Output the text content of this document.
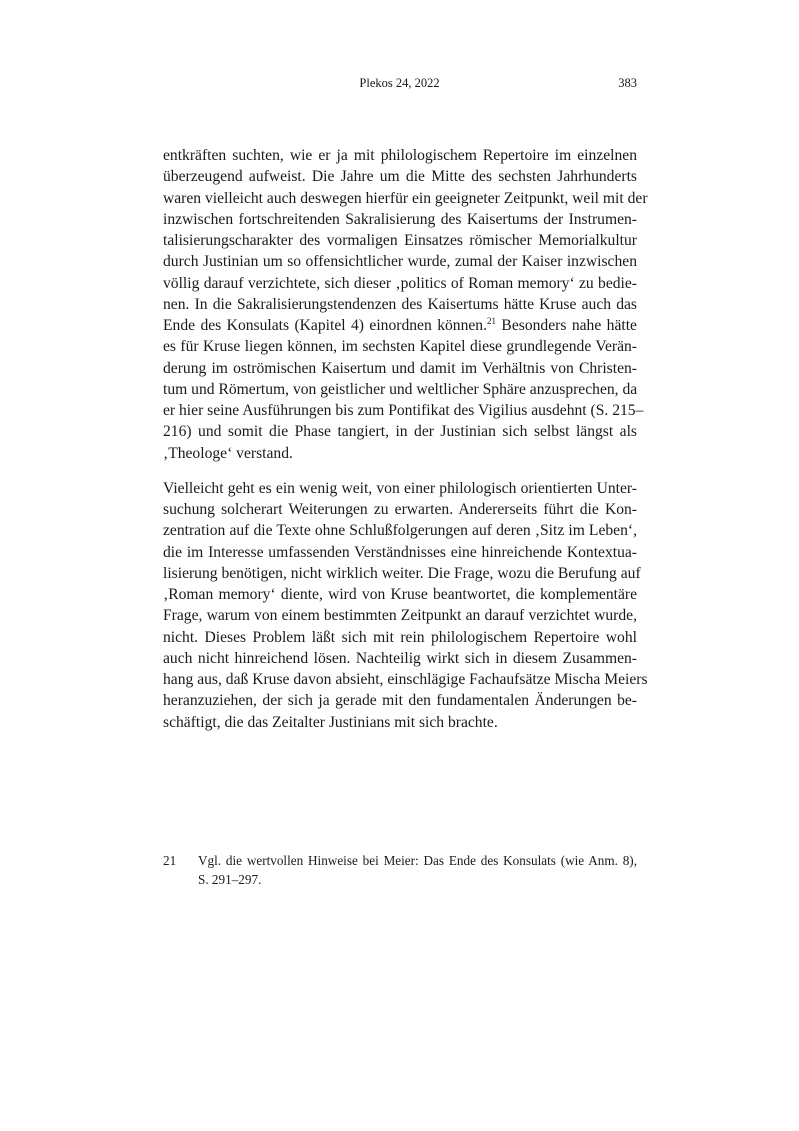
Plekos 24, 2022	383
entkräften suchten, wie er ja mit philologischem Repertoire im einzelnen
überzeugend aufweist. Die Jahre um die Mitte des sechsten Jahrhunderts
waren vielleicht auch deswegen hierfür ein geeigneter Zeitpunkt, weil mit der
inzwischen fortschreitenden Sakralisierung des Kaisertums der Instrumen-
talisierungscharakter des vormaligen Einsatzes römischer Memorialkultur
durch Justinian um so offensichtlicher wurde, zumal der Kaiser inzwischen
völlig darauf verzichtete, sich dieser ‚politics of Roman memory‘ zu bedie-
nen. In die Sakralisierungstendenzen des Kaisertums hätte Kruse auch das
Ende des Konsulats (Kapitel 4) einordnen können.$^{21}$ Besonders nahe hätte
es für Kruse liegen können, im sechsten Kapitel diese grundlegende Verän-
derung im oströmischen Kaisertum und damit im Verhältnis von Christen-
tum und Römertum, von geistlicher und weltlicher Sphäre anzusprechen, da
er hier seine Ausführungen bis zum Pontifikat des Vigilius ausdehnt (S. 215–
216) und somit die Phase tangiert, in der Justinian sich selbst längst als
‚Theologe‘ verstand.
Vielleicht geht es ein wenig weit, von einer philologisch orientierten Unter-
suchung solcherart Weiterungen zu erwarten. Andererseits führt die Kon-
zentration auf die Texte ohne Schlußfolgerungen auf deren ‚Sitz im Leben‘,
die im Interesse umfassenden Verständnisses eine hinreichende Kontextua-
lisierung benötigen, nicht wirklich weiter. Die Frage, wozu die Berufung auf
‚Roman memory‘ diente, wird von Kruse beantwortet, die komplementäre
Frage, warum von einem bestimmten Zeitpunkt an darauf verzichtet wurde,
nicht. Dieses Problem läßt sich mit rein philologischem Repertoire wohl
auch nicht hinreichend lösen. Nachteilig wirkt sich in diesem Zusammen-
hang aus, daß Kruse davon absieht, einschlägige Fachaufsätze Mischa Meiers
heranzuziehen, der sich ja gerade mit den fundamentalen Änderungen be-
schäftigt, die das Zeitalter Justinians mit sich brachte.
21 Vgl. die wertvollen Hinweise bei Meier: Das Ende des Konsulats (wie Anm. 8),
S. 291–297.
